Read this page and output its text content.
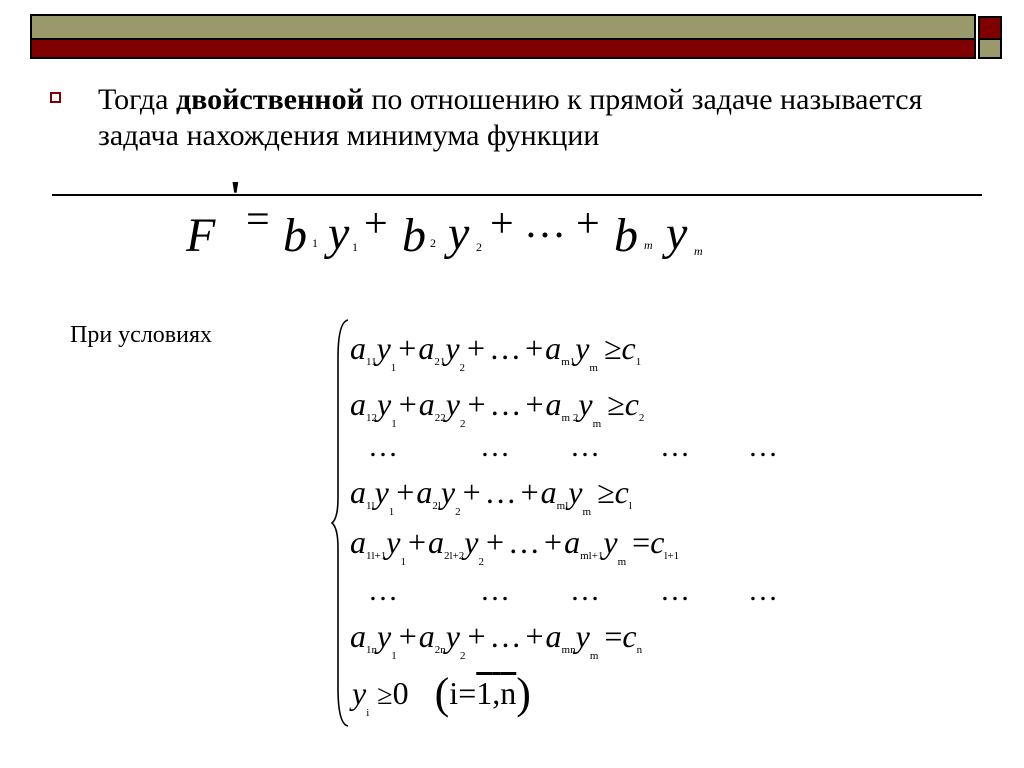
Тогда двойственной по отношению к прямой задаче называется задача нахождения минимума функции
F
' = b 1 y 1 + b 2 y 2 + … + b m y m
При условиях	$a11y_1+a21y_2+$ … $+am1y_m\ge c1$
$a12y_1+a22y_2+$ … +am $2y_m\ge c2$
$a1ly_1+a2ly_2+$ … +amly$_m$≥cl
$a1l+1y_1+a2l+2y_2+$ … $+aml+1y_m=cl+1$
$a1ny_1+a2ny_2+$ … +amny$_m$=cn
…	… … … …
…	… … … …
$y_i \ge 0$ (i=1,n)
